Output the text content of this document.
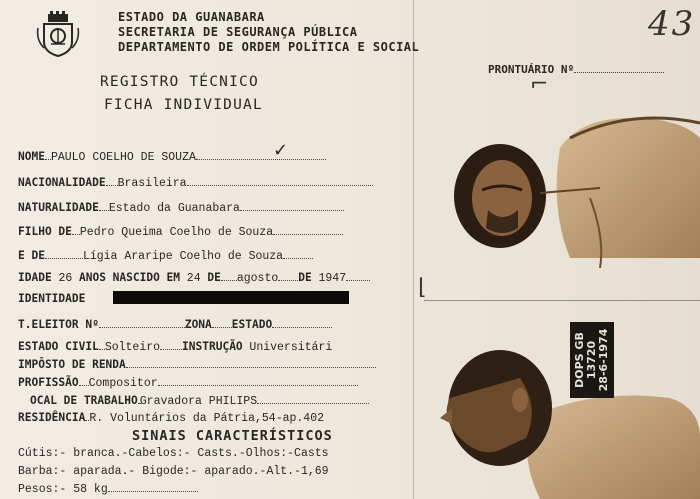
ESTADO DA GUANABARA
SECRETARIA DE SEGURANÇA PÚBLICA
DEPARTAMENTO DE ORDEM POLÍTICA E SOCIAL
43
REGISTRO TÉCNICO
FICHA INDIVIDUAL
PRONTUÁRIO Nº
NOME PAULO COELHO DE SOUZA	✓
NACIONALIDADE Brasileira
NATURALIDADE Estado da Guanabara
FILHO DE Pedro Queima Coelho de Souza
E DE	Lígia Araripe Coelho de Souza
IDADE 26 ANOS NASCIDO EM 24 DE agosto DE 1947
IDENTIDADE
T.ELEITOR Nº	ZONA ESTADO
ESTADO CIVIL Solteiro INSTRUÇÃO Universitári
IMPÔSTO DE RENDA
PROFISSÃO Compositor
OCAL DE TRABALHO Gravadora PHILIPS
RESIDÊNCIA R. Voluntários da Pátria,54-ap.402
SINAIS CARACTERÍSTICOS
Cútis:- branca.-Cabelos:- Casts.-Olhos:-Casts
Barba:- aparada.- Bigode:- aparado.-Alt.-1,69
Pesos:- 58 kg
DOPS GB
13720
28-6-1974
⌐
⌊
